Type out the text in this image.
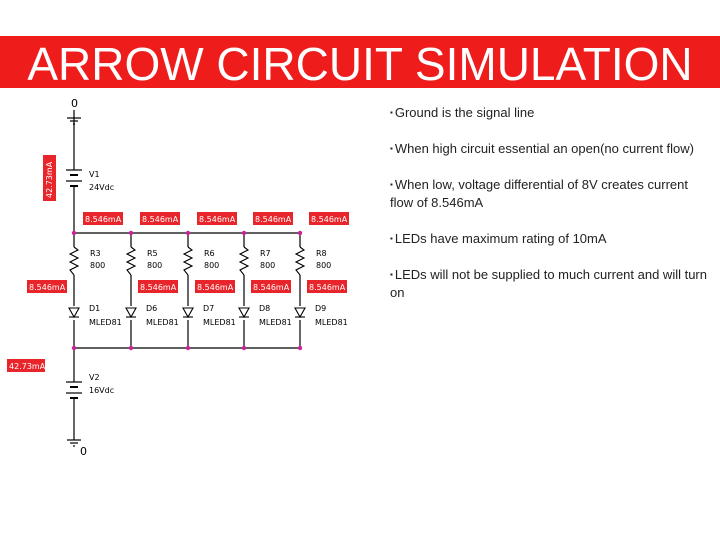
ARROW CIRCUIT SIMULATION
0
V1
24Vdc
42.73mA
8.546mA
R3
800
D1
MLED81
8.546mA
R5
800
8.546mA
D6
MLED81
8.546mA
R6
800
8.546mA
D7
MLED81
8.546mA
R7
800
8.546mA
D8
MLED81
8.546mA
R8
800
8.546mA
D9
MLED81
8.546mA
42.73mA
V2
16Vdc
0
▪ Ground is the signal line
▪ When high circuit essential an open(no current flow)
▪ When low, voltage differential of 8V creates current flow of 8.546mA
▪ LEDs have maximum rating of 10mA
▪ LEDs will not be supplied to much current and will turn on
